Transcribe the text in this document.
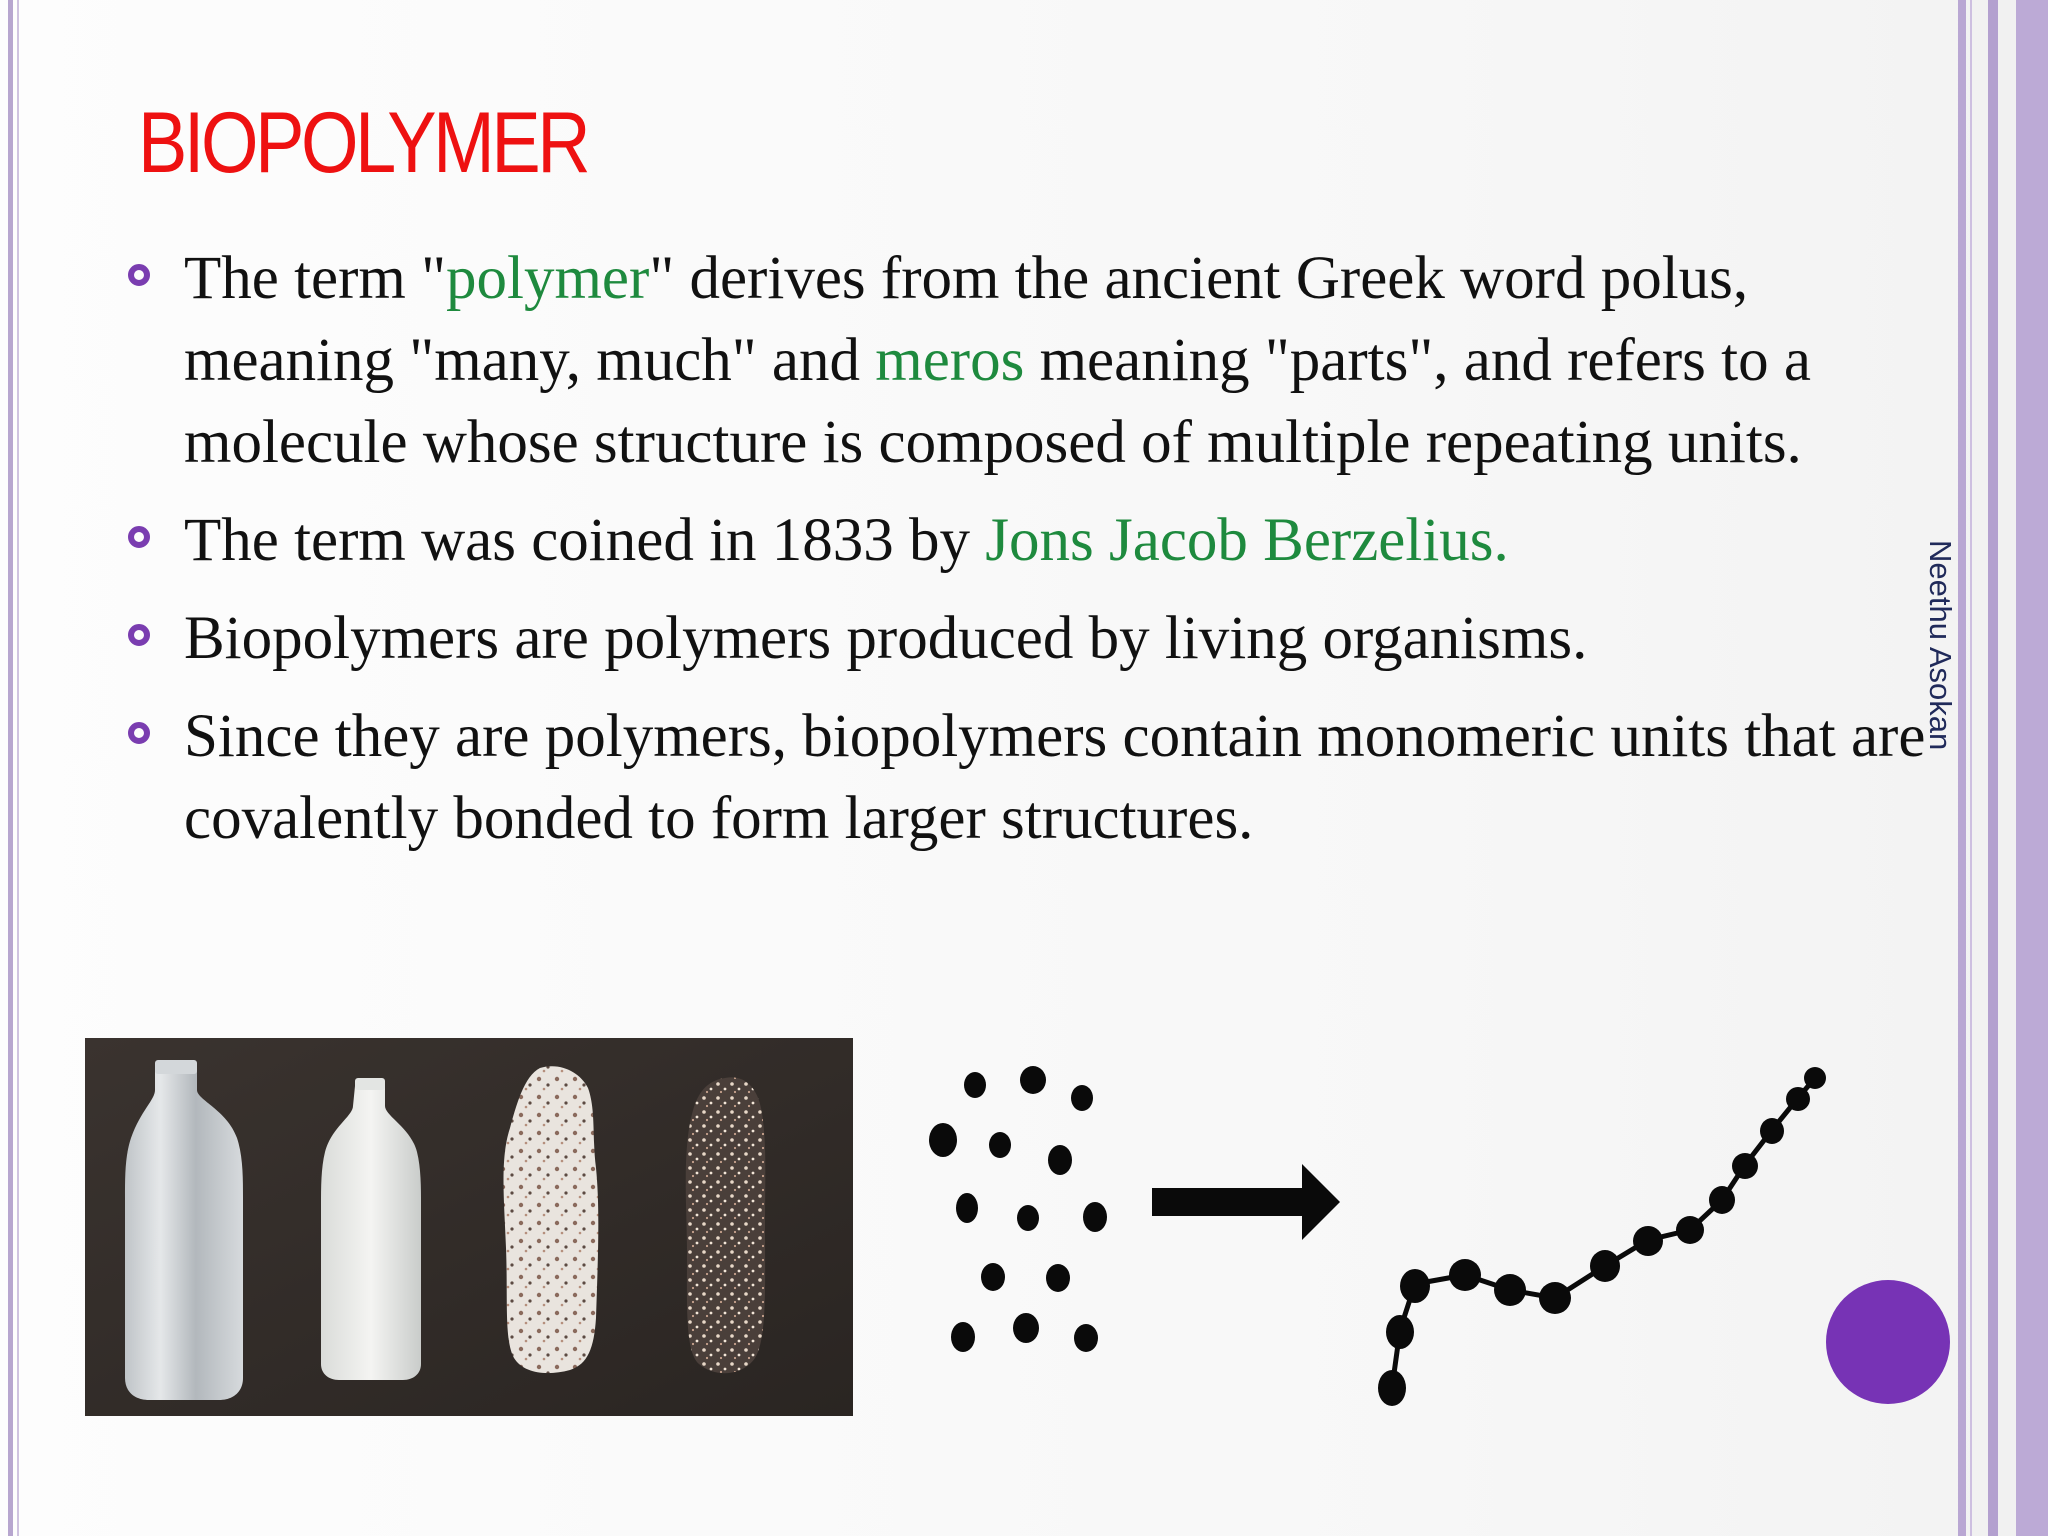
BIOPOLYMER
The term "polymer" derives from the ancient Greek word polus, meaning "many, much" and meros meaning "parts", and refers to a molecule whose structure is composed of multiple repeating units.
The term was coined in 1833 by Jons Jacob Berzelius.
Biopolymers are polymers produced by living organisms.
Since they are polymers, biopolymers contain monomeric units that are covalently bonded to form larger structures.
Neethu Asokan
